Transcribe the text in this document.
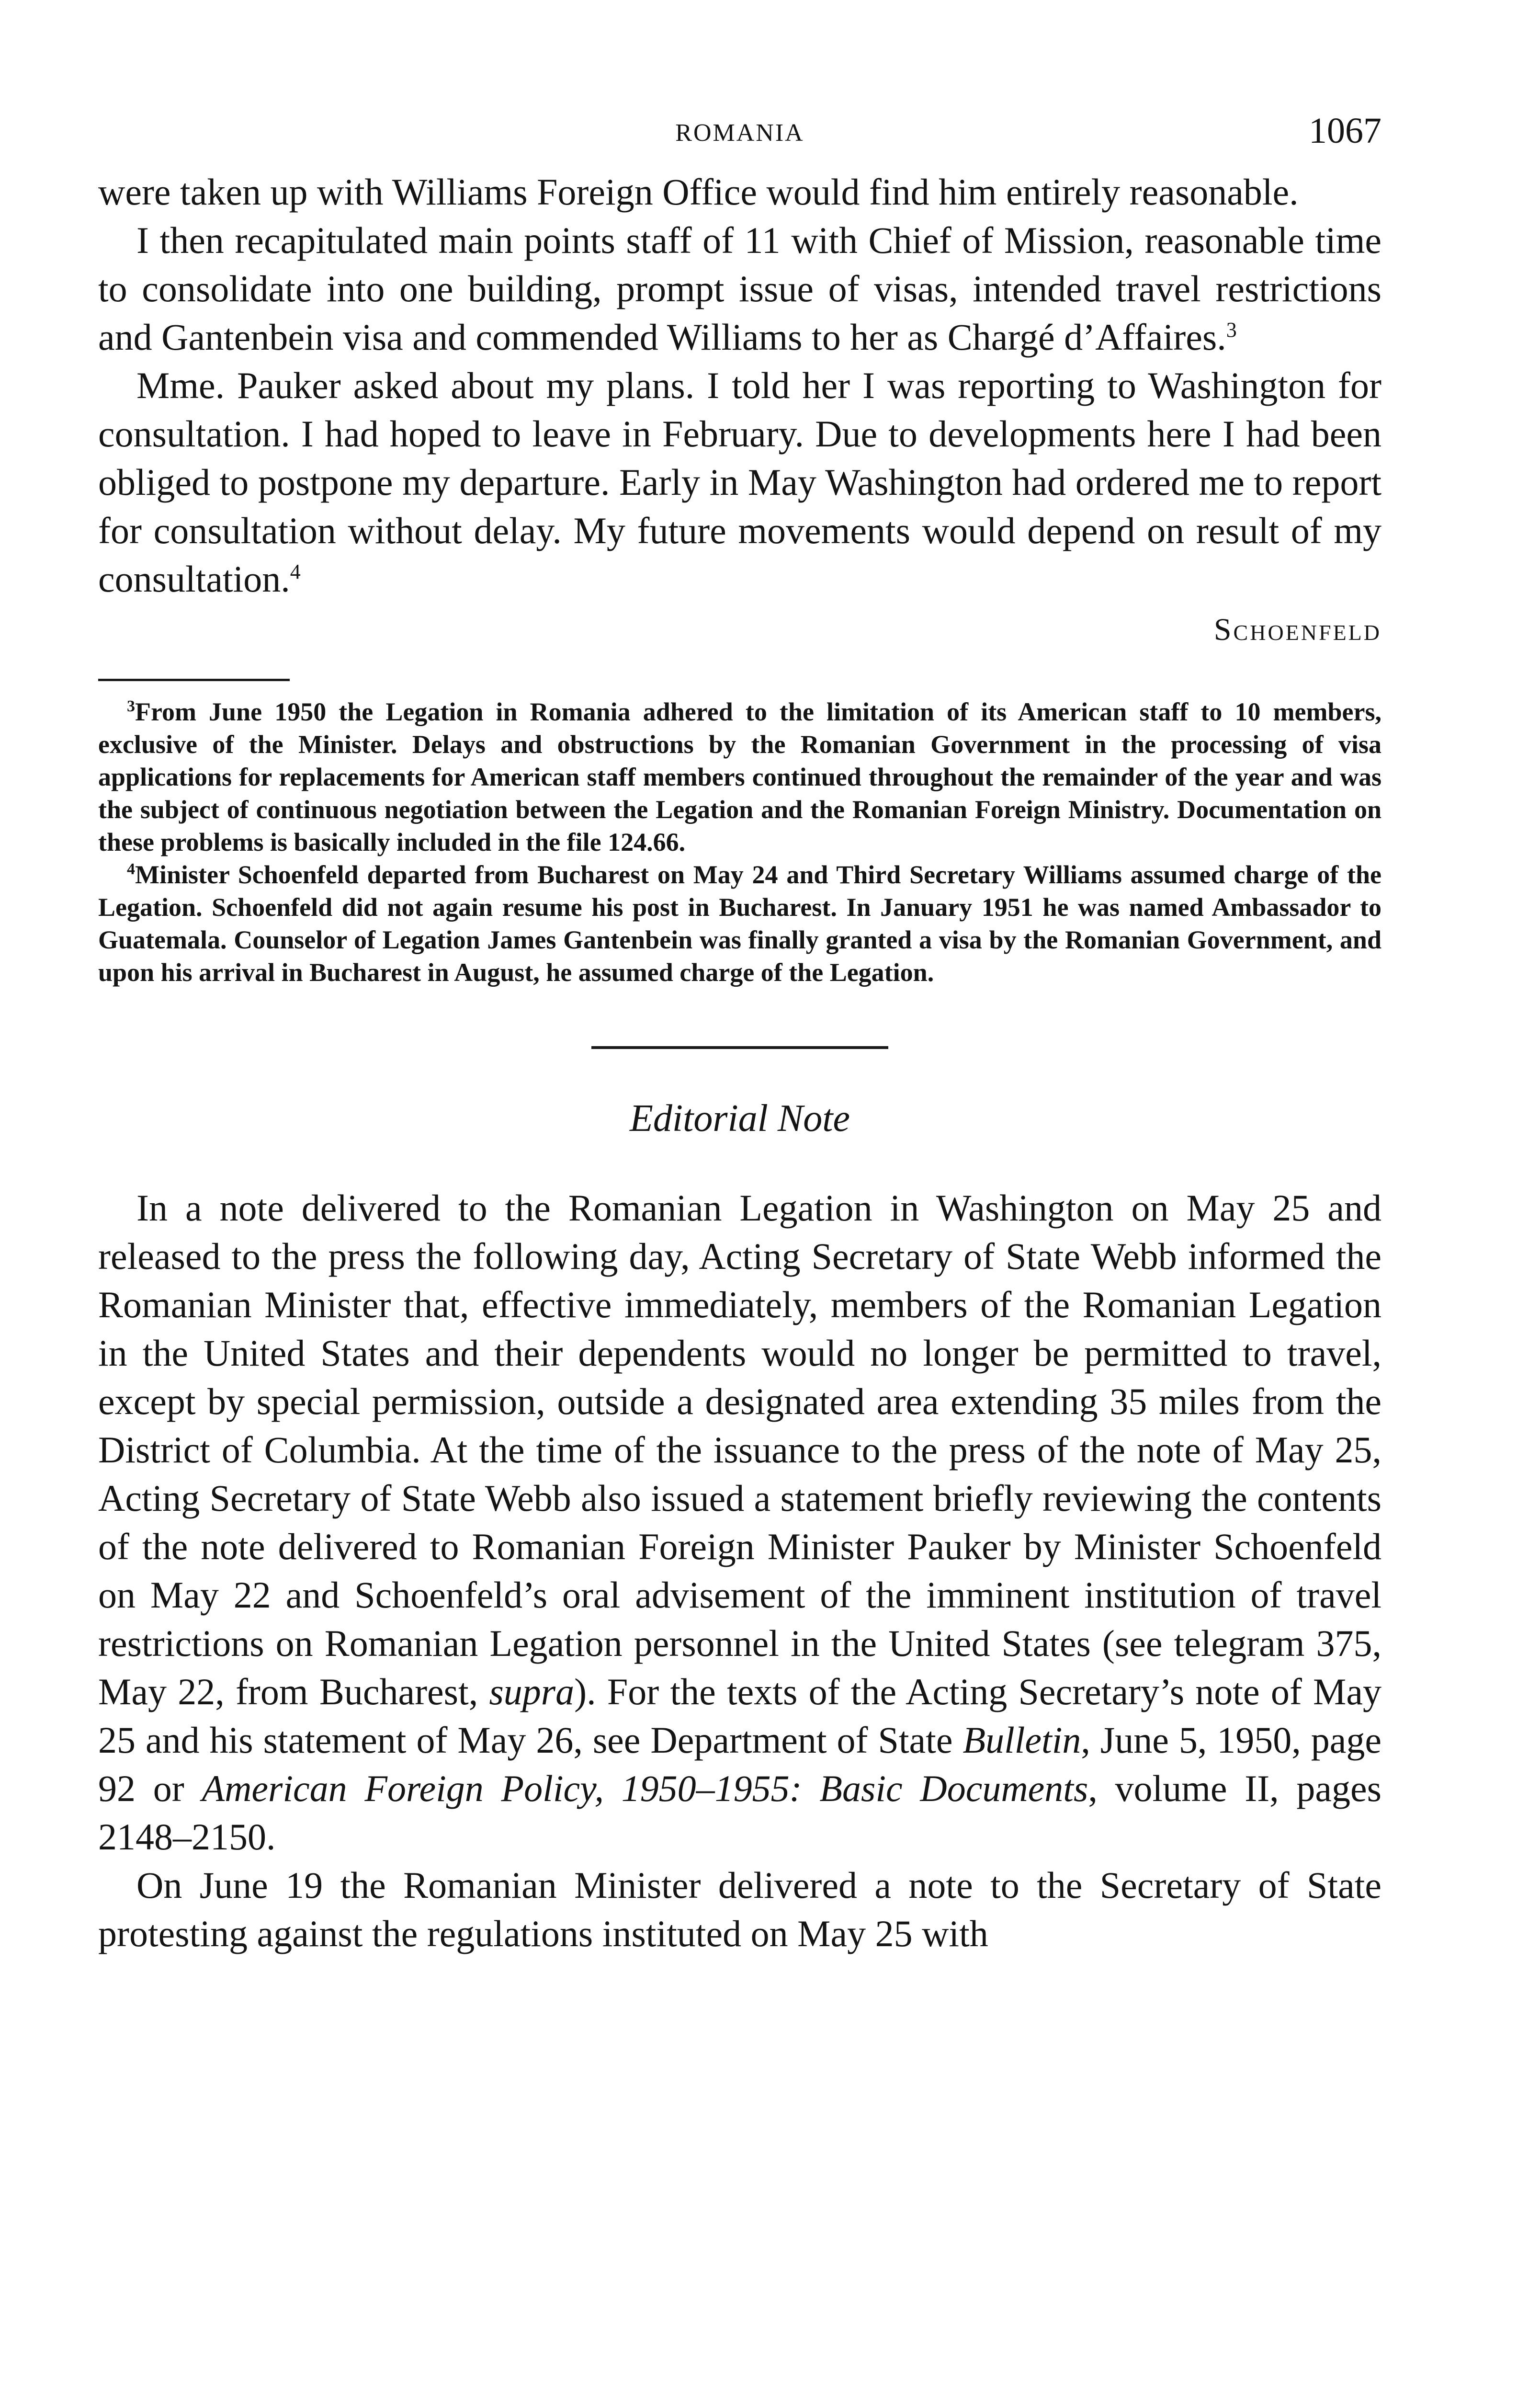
ROMANIA	1067

were taken up with Williams Foreign Office would find him entirely reasonable.

I then recapitulated main points staff of 11 with Chief of Mission, reasonable time to consolidate into one building, prompt issue of visas, intended travel restrictions and Gantenbein visa and commended Williams to her as Chargé d’Affaires.$^3$

Mme. Pauker asked about my plans. I told her I was reporting to Washington for consultation. I had hoped to leave in February. Due to developments here I had been obliged to postpone my departure. Early in May Washington had ordered me to report for consultation without delay. My future movements would depend on result of my consultation.$^4$

Schoenfeld

$^3$From June 1950 the Legation in Romania adhered to the limitation of its American staff to 10 members, exclusive of the Minister. Delays and obstructions by the Romanian Government in the processing of visa applications for replacements for American staff members continued throughout the remainder of the year and was the subject of continuous negotiation between the Legation and the Romanian Foreign Ministry. Documentation on these problems is basically included in the file 124.66.

$^4$Minister Schoenfeld departed from Bucharest on May 24 and Third Secretary Williams assumed charge of the Legation. Schoenfeld did not again resume his post in Bucharest. In January 1951 he was named Ambassador to Guatemala. Counselor of Legation James Gantenbein was finally granted a visa by the Romanian Government, and upon his arrival in Bucharest in August, he assumed charge of the Legation.

Editorial Note

In a note delivered to the Romanian Legation in Washington on May 25 and released to the press the following day, Acting Secretary of State Webb informed the Romanian Minister that, effective immediately, members of the Romanian Legation in the United States and their dependents would no longer be permitted to travel, except by special permission, outside a designated area extending 35 miles from the District of Columbia. At the time of the issuance to the press of the note of May 25, Acting Secretary of State Webb also issued a statement briefly reviewing the contents of the note delivered to Romanian Foreign Minister Pauker by Minister Schoenfeld on May 22 and Schoenfeld’s oral advisement of the imminent institution of travel restrictions on Romanian Legation personnel in the United States (see telegram 375, May 22, from Bucharest, supra). For the texts of the Acting Secretary’s note of May 25 and his statement of May 26, see Department of State Bulletin, June 5, 1950, page 92 or American Foreign Policy, 1950–1955: Basic Documents, volume II, pages 2148–2150.

On June 19 the Romanian Minister delivered a note to the Secretary of State protesting against the regulations instituted on May 25 with
